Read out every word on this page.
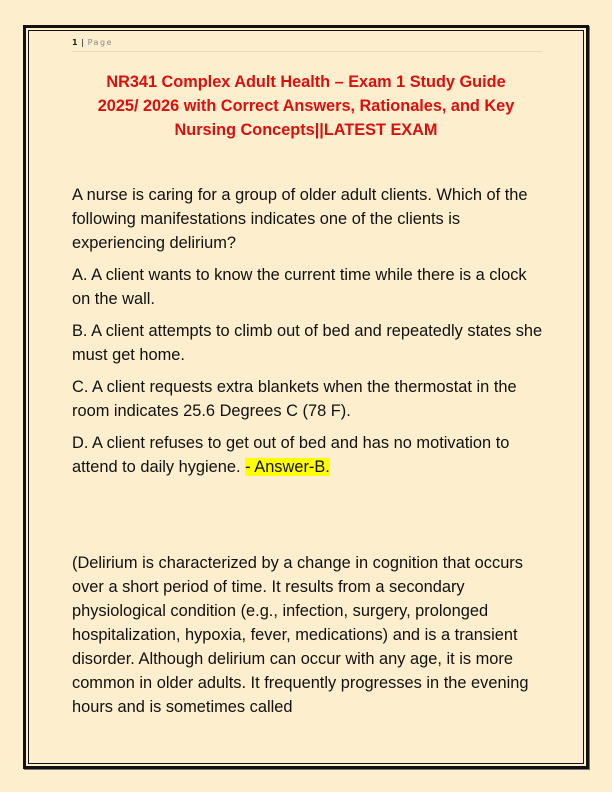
1 | Page
NR341 Complex Adult Health – Exam 1 Study Guide
2025/ 2026 with Correct Answers, Rationales, and Key
Nursing Concepts||LATEST EXAM

A nurse is caring for a group of older adult clients. Which of the following manifestations indicates one of the clients is experiencing delirium?

A. A client wants to know the current time while there is a clock on the wall.

B. A client attempts to climb out of bed and repeatedly states she must get home.

C. A client requests extra blankets when the thermostat in the room indicates 25.6 Degrees C (78 F).

D. A client refuses to get out of bed and has no motivation to attend to daily hygiene. - Answer-B.

(Delirium is characterized by a change in cognition that occurs over a short period of time. It results from a secondary physiological condition (e.g., infection, surgery, prolonged hospitalization, hypoxia, fever, medications) and is a transient disorder. Although delirium can occur with any age, it is more common in older adults. It frequently progresses in the evening hours and is sometimes called
